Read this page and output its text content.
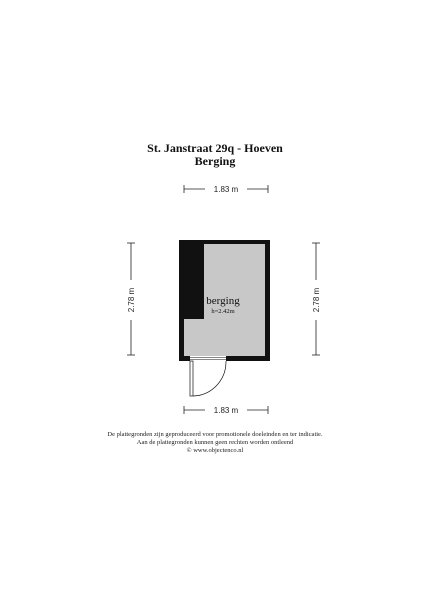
St. Janstraat 29q - Hoeven
Berging
1.83 m
2.78 m	2.78 m
berging
h=2.42m
1.83 m
De plattegronden zijn geproduceerd voor promotionele doeleinden en ter indicatie.
Aan de plattegronden kunnen geen rechten worden ontleend
© www.objectenco.nl
